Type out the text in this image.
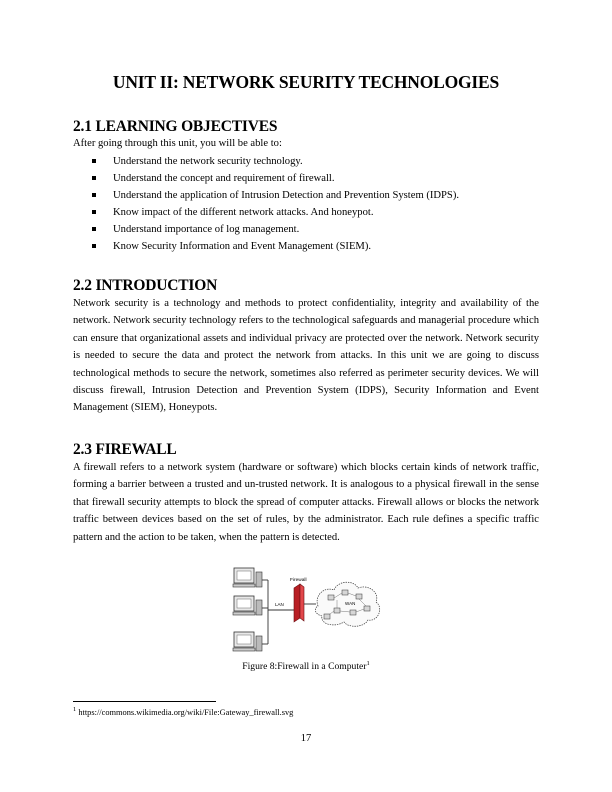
UNIT II: NETWORK SEURITY TECHNOLOGIES
2.1 LEARNING OBJECTIVES
After going through this unit, you will be able to:
Understand the network security technology.
Understand the concept and requirement of firewall.
Understand the application of Intrusion Detection and Prevention System (IDPS).
Know impact of the different network attacks. And honeypot.
Understand importance of log management.
Know Security Information and Event Management (SIEM).
2.2 INTRODUCTION

Network security is a technology and methods to protect confidentiality, integrity and availability of the network. Network security technology refers to the technological safeguards and managerial procedure which can ensure that organizational assets and individual privacy are protected over the network. Network security is needed to secure the data and protect the network from attacks. In this unit we are going to discuss technological methods to secure the network, sometimes also referred as perimeter security devices. We will discuss firewall, Intrusion Detection and Prevention System (IDPS), Security Information and Event Management (SIEM), Honeypots.

2.3 FIREWALL

A firewall refers to a network system (hardware or software) which blocks certain kinds of network traffic, forming a barrier between a trusted and un-trusted network. It is analogous to a physical firewall in the sense that firewall security attempts to block the spread of computer attacks. Firewall allows or blocks the network traffic between devices based on the set of rules, by the administrator. Each rule defines a specific traffic pattern and the action to be taken, when the pattern is detected.

LAN
Firewall
WAN
Figure 8:Firewall in a Computer$^1$
$^1$ https://commons.wikimedia.org/wiki/File:Gateway_firewall.svg
17
